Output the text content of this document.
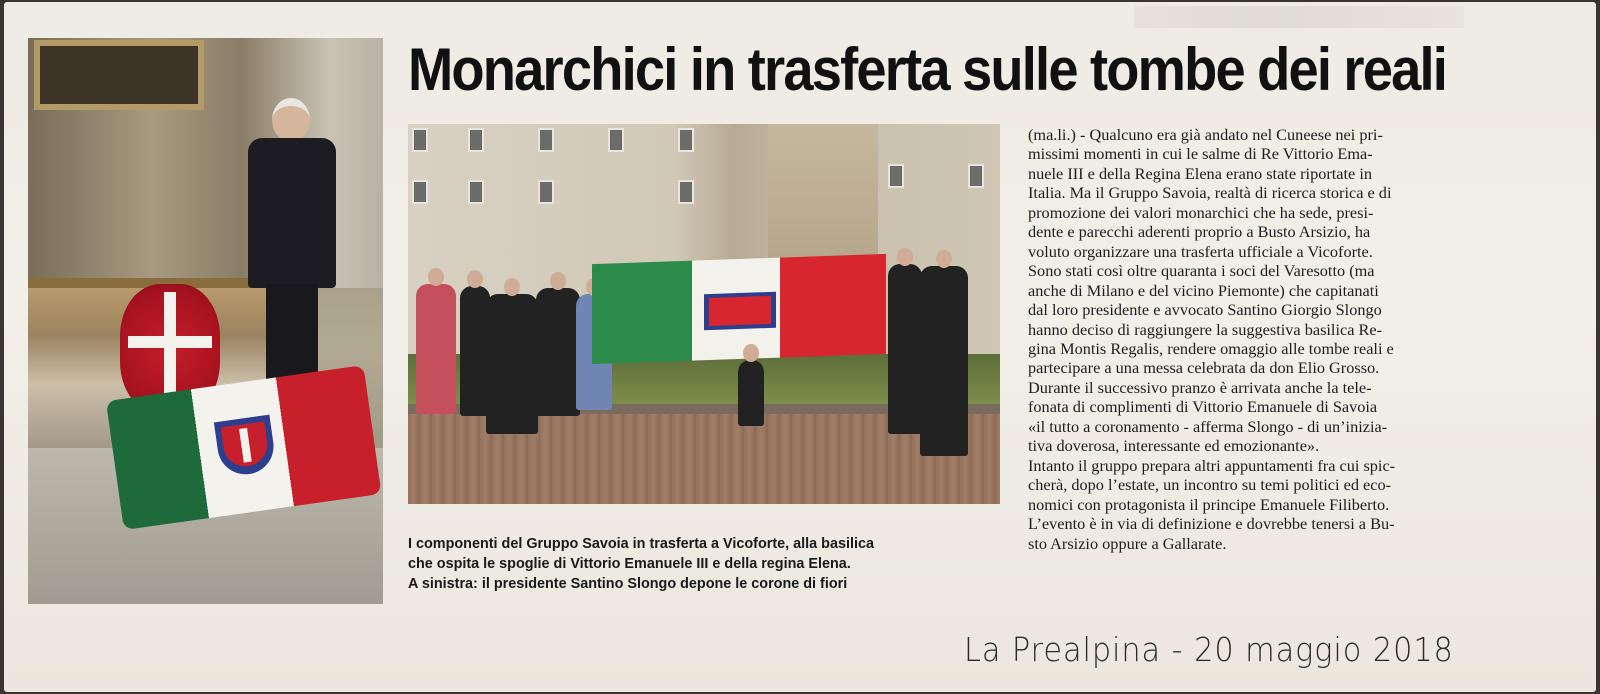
Monarchici in trasferta sulle tombe dei reali
I componenti del Gruppo Savoia in trasferta a Vicoforte, alla basilica
che ospita le spoglie di Vittorio Emanuele III e della regina Elena.
A sinistra: il presidente Santino Slongo depone le corone di fiori
(ma.li.) - Qualcuno era già andato nel Cuneese nei pri-
missimi momenti in cui le salme di Re Vittorio Ema-
nuele III e della Regina Elena erano state riportate in
Italia. Ma il Gruppo Savoia, realtà di ricerca storica e di
promozione dei valori monarchici che ha sede, presi-
dente e parecchi aderenti proprio a Busto Arsizio, ha
voluto organizzare una trasferta ufficiale a Vicoforte.
Sono stati così oltre quaranta i soci del Varesotto (ma
anche di Milano e del vicino Piemonte) che capitanati
dal loro presidente e avvocato Santino Giorgio Slongo
hanno deciso di raggiungere la suggestiva basilica Re-
gina Montis Regalis, rendere omaggio alle tombe reali e
partecipare a una messa celebrata da don Elio Grosso.
Durante il successivo pranzo è arrivata anche la tele-
fonata di complimenti di Vittorio Emanuele di Savoia
«il tutto a coronamento - afferma Slongo - di un’inizia-
tiva doverosa, interessante ed emozionante».
Intanto il gruppo prepara altri appuntamenti fra cui spic-
cherà, dopo l’estate, un incontro su temi politici ed eco-
nomici con protagonista il principe Emanuele Filiberto.
L’evento è in via di definizione e dovrebbe tenersi a Bu-
sto Arsizio oppure a Gallarate.
La Prealpina - 20 maggio 2018
